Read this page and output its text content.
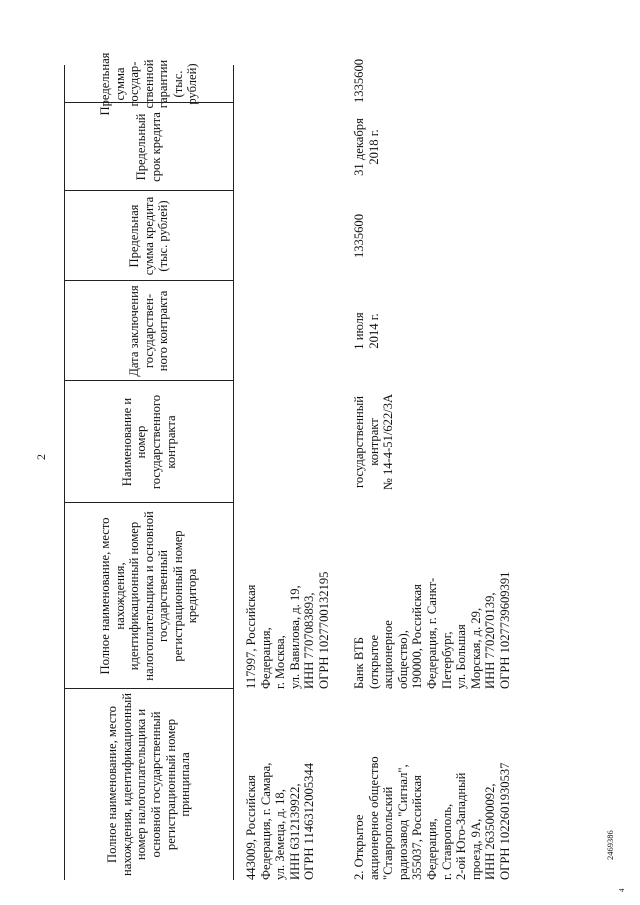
2
Полное наименование, место нахождения, идентификационный номер налогоплательщика и основной государственный регистрационный номер принципала
Полное наименование, место нахождения, идентификационный номер налогоплательщика и основной государственный регистрационный номер кредитора
Наименование и номер государственного контракта
Дата заключения государствен- ного контракта
Предельная сумма кредита (тыс. рублей)
Предельный срок кредита
Предельная сумма государ- ственной гарантии (тыс. рублей)
443009, Российская
Федерация, г. Самара,
ул. Земеца, д. 18,
ИНН 6312139922,
ОГРН 1146312005344
117997, Российская
Федерация,
г. Москва,
ул. Вавилова, д. 19,
ИНН 7707083893,
ОГРН 1027700132195
2. Открытое
акционерное общество
"Ставропольский
радиозавод "Сигнал",
355037, Российская
Федерация,
г. Ставрополь,
2-ой Юго-Западный
проезд, 9А,
ИНН 2635000092,
ОГРН 1022601930537
Банк ВТБ
(открытое
акционерное
общество),
190000, Российская
Федерация, г. Санкт-
Петербург,
ул. Большая
Морская, д. 29,
ИНН 7702070139,
ОГРН 1027739609391
государственный
контракт
№ 14-4-51/622/3А
1 июля
2014 г.
1335600
31 декабря
2018 г.
1335600
2469386
4
